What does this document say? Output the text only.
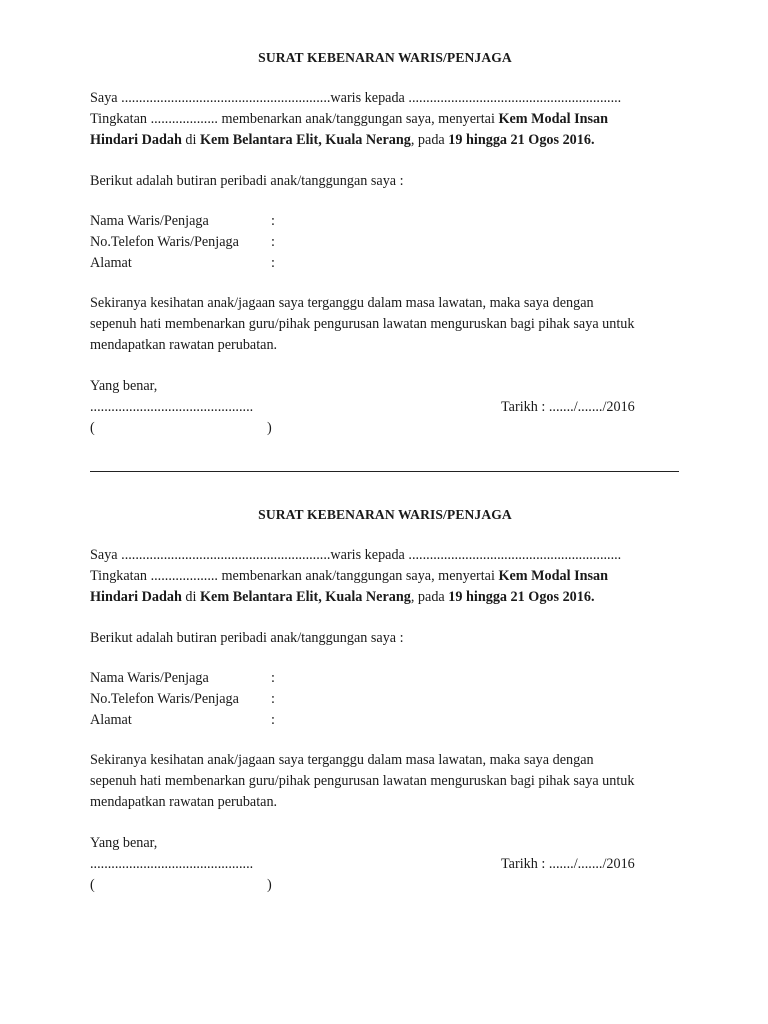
SURAT KEBENARAN WARIS/PENJAGA

Saya ...........................................................waris kepada ............................................................

Tingkatan ................... membenarkan anak/tanggungan saya, menyertai Kem Modal Insan

Hindari Dadah di Kem Belantara Elit, Kuala Nerang, pada 19 hingga 21 Ogos 2016.

Berikut adalah butiran peribadi anak/tanggungan saya :

Nama Waris/Penjaga	:
No.Telefon Waris/Penjaga	:
Alamat	:

Sekiranya kesihatan anak/jagaan saya terganggu dalam masa lawatan, maka saya dengan

sepenuh hati membenarkan guru/pihak pengurusan lawatan menguruskan bagi pihak saya untuk

mendapatkan rawatan perubatan.

Yang benar,

..............................................	Tarikh : ......./......./2016
(	)
SURAT KEBENARAN WARIS/PENJAGA

Saya ...........................................................waris kepada ............................................................

Tingkatan ................... membenarkan anak/tanggungan saya, menyertai Kem Modal Insan

Hindari Dadah di Kem Belantara Elit, Kuala Nerang, pada 19 hingga 21 Ogos 2016.

Berikut adalah butiran peribadi anak/tanggungan saya :

Nama Waris/Penjaga	:
No.Telefon Waris/Penjaga	:
Alamat	:

Sekiranya kesihatan anak/jagaan saya terganggu dalam masa lawatan, maka saya dengan

sepenuh hati membenarkan guru/pihak pengurusan lawatan menguruskan bagi pihak saya untuk

mendapatkan rawatan perubatan.

Yang benar,

..............................................	Tarikh : ......./......./2016
(	)
